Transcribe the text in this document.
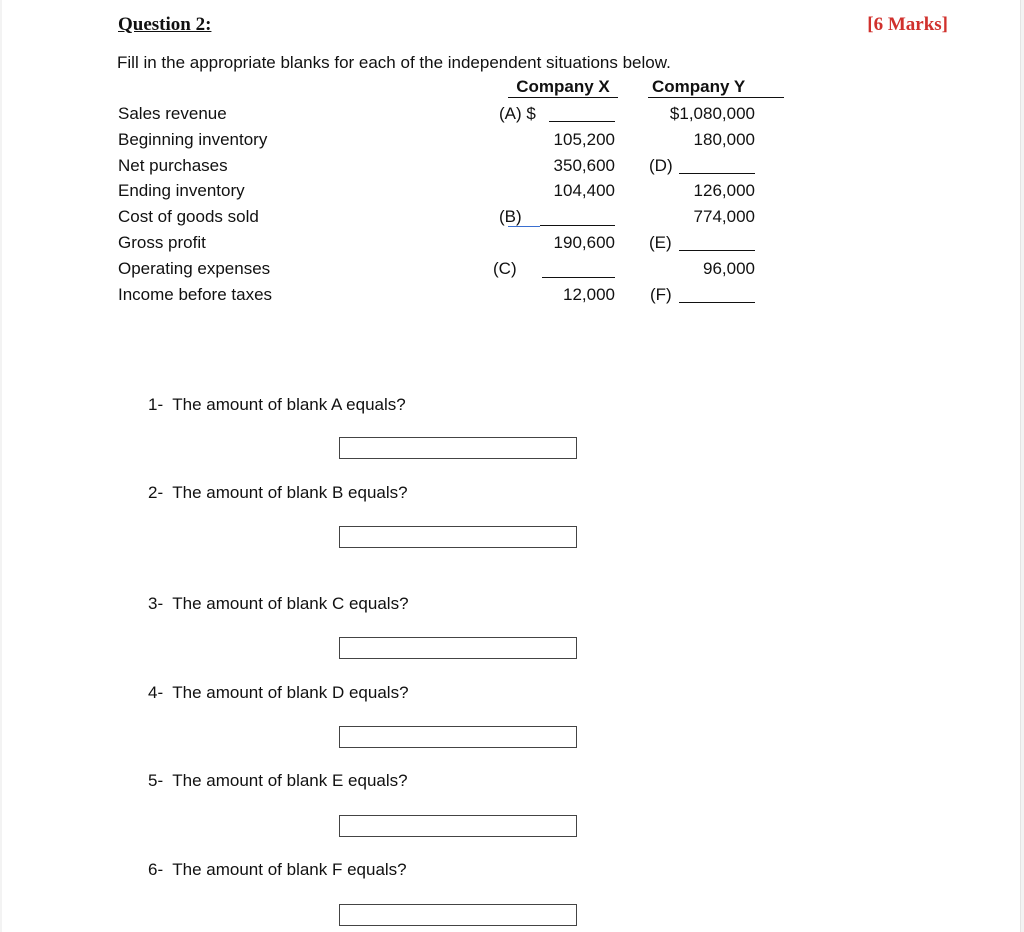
Question 2:	[6 Marks]
Fill in the appropriate blanks for each of the independent situations below.
Company X	Company Y
Sales revenue
Beginning inventory
Net purchases
Ending inventory
Cost of goods sold
Gross profit
Operating expenses
Income before taxes
(A) $
105,200
350,600
104,400
(B)
190,600
(C)
12,000
$1,080,000
180,000
(D)
126,000
774,000
(E)
96,000
(F)
1- The amount of blank A equals?
2- The amount of blank B equals?
3- The amount of blank C equals?
4- The amount of blank D equals?
5- The amount of blank E equals?
6- The amount of blank F equals?
